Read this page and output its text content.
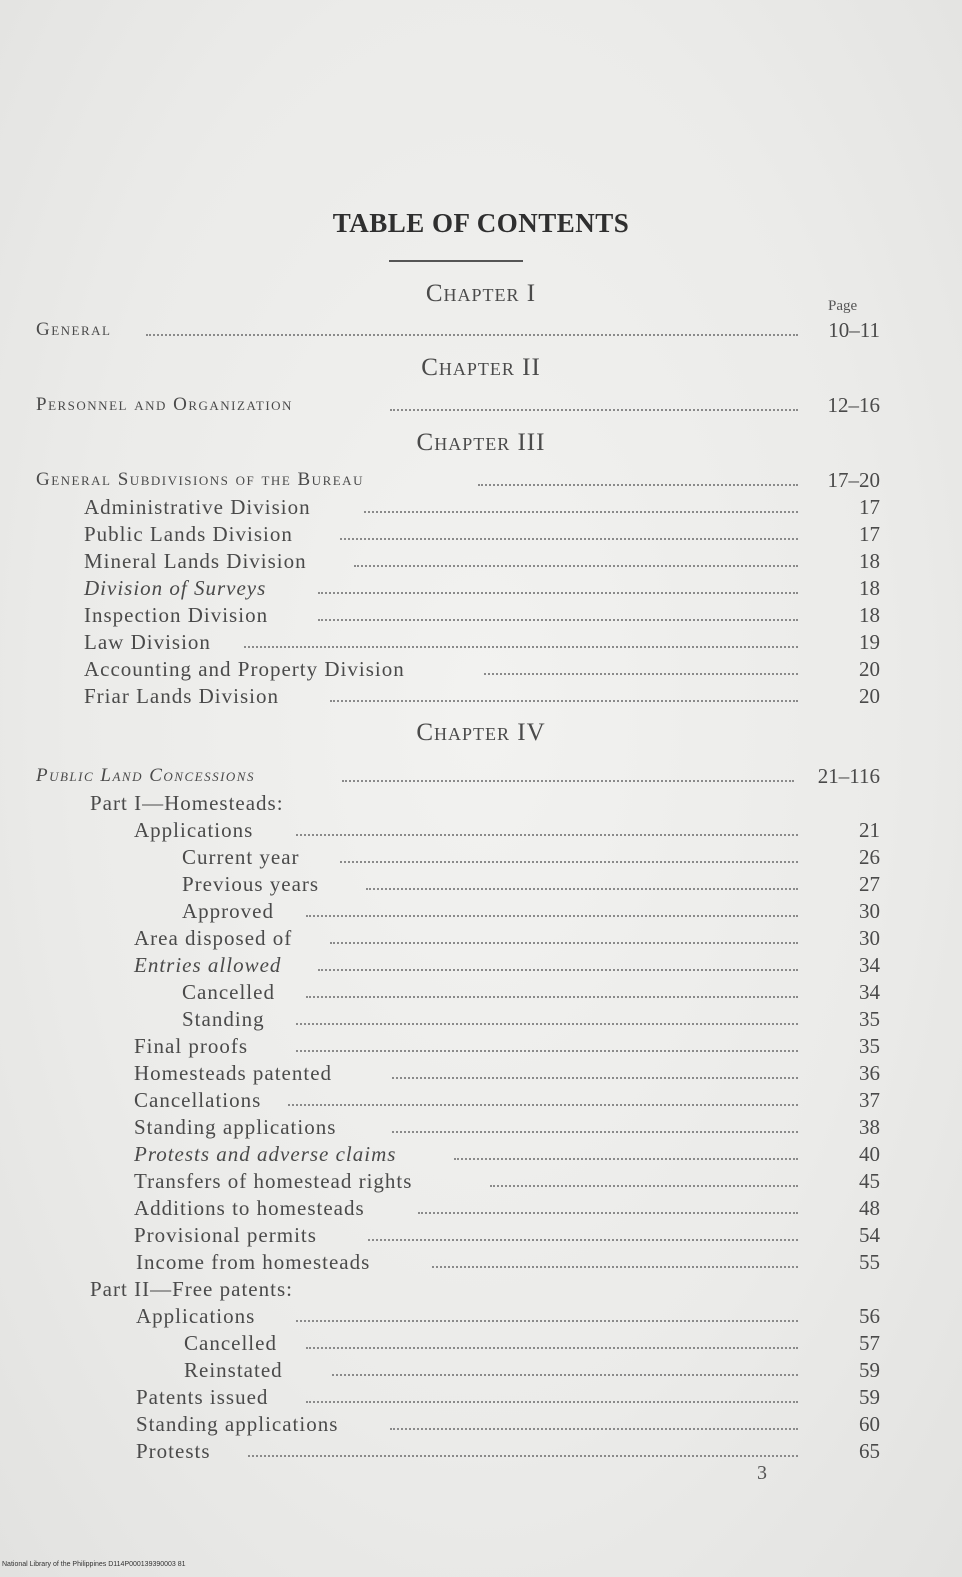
TABLE OF CONTENTS
Chapter I	Page
General	10–11
Chapter II
Personnel and Organization	12–16
Chapter III
General Subdivisions of the Bureau	17–20
Administrative Division	17
Public Lands Division	17
Mineral Lands Division	18
Division of Surveys	18
Inspection Division	18
Law Division	19
Accounting and Property Division	20
Friar Lands Division	20
Chapter IV
Public Land Concessions	21–116
Part I—Homesteads:
Applications	21
Current year	26
Previous years	27
Approved	30
Area disposed of	30
Entries allowed	34
Cancelled	34
Standing	35
Final proofs	35
Homesteads patented	36
Cancellations	37
Standing applications	38
Protests and adverse claims	40
Transfers of homestead rights	45
Additions to homesteads	48
Provisional permits	54
Income from homesteads	55
Part II—Free patents:
Applications	56
Cancelled	57
Reinstated	59
Patents issued	59
Standing applications	60
Protests	65
3
National Library of the Philippines D114P000139390003 81
